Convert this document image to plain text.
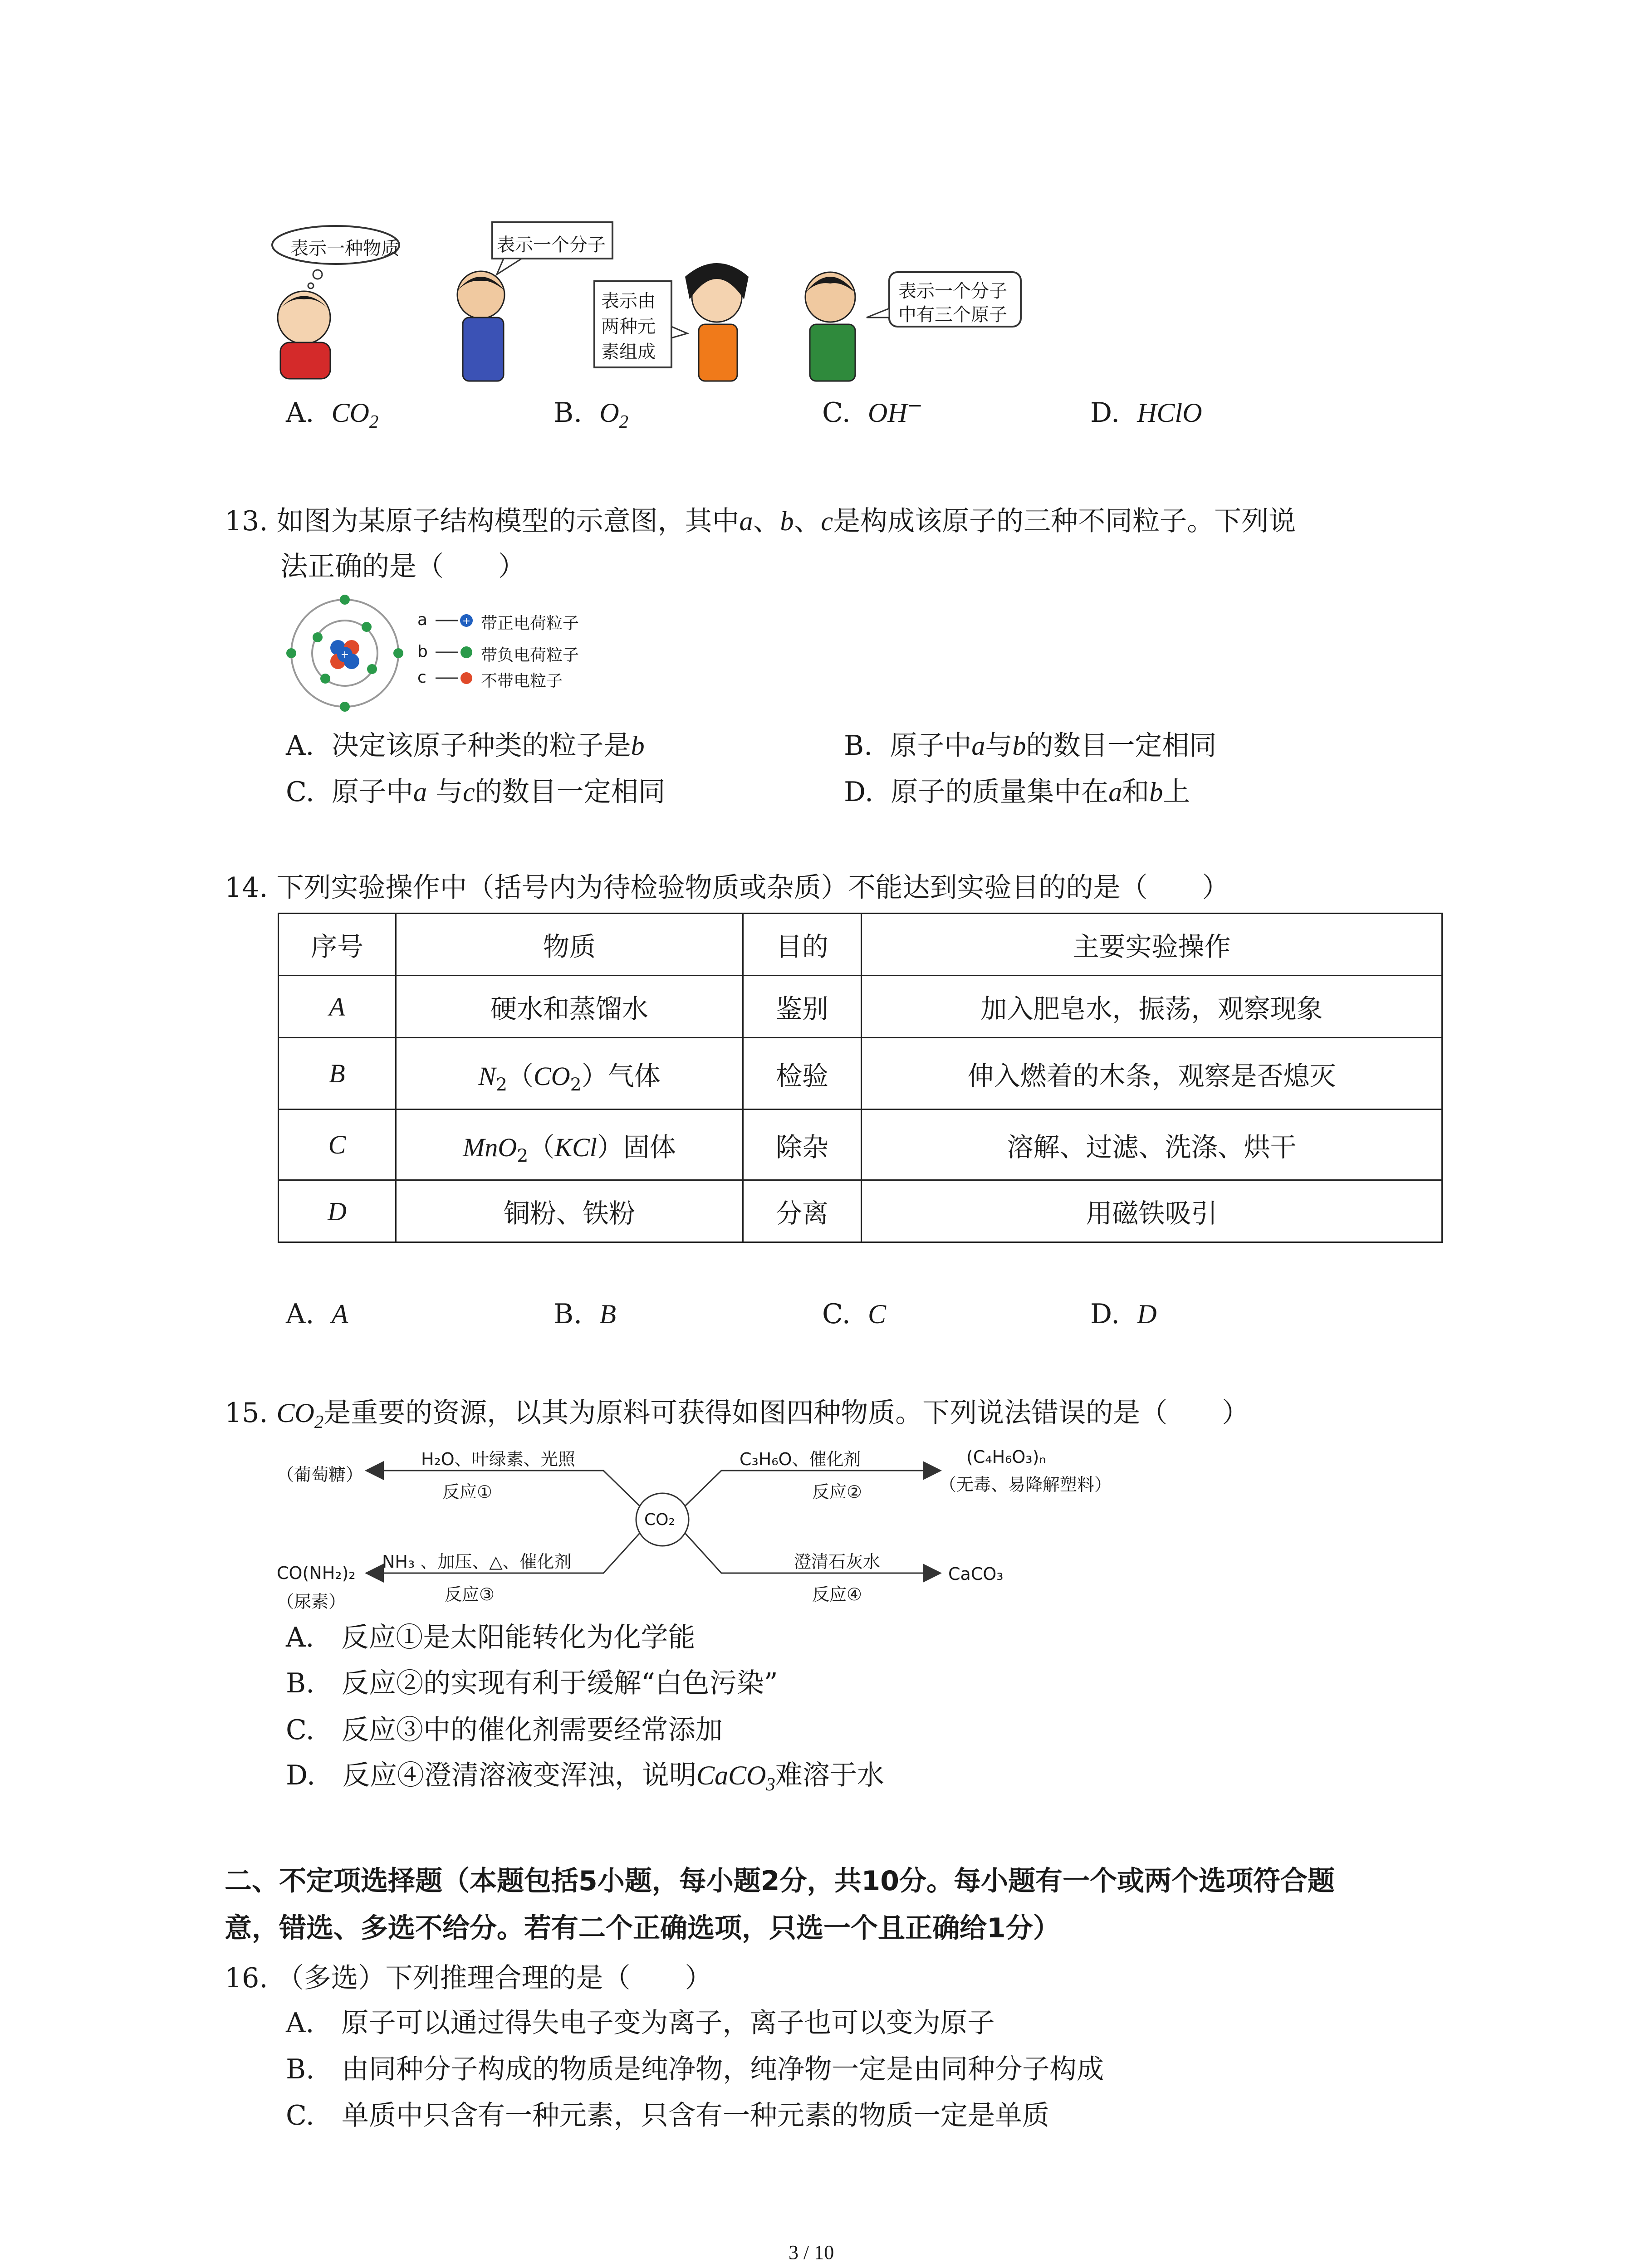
表示一种物质	表示一个分子
表示由
两种元
素组成
表示一个分子
中有三个原子
A. $CO_2$	B. $O_2$	C. OH−	D. HClO
13. 如图为某原子结构模型的示意图，其中a、b、c是构成该原子的三种不同粒子。下列说
法正确的是（　　）
+
+
a	带正电荷粒子
b	带负电荷粒子
c	不带电粒子
A. 决定该原子种类的粒子是b	B. 原子中a与b的数目一定相同
C. 原子中a 与c的数目一定相同	D. 原子的质量集中在a和b上
14. 下列实验操作中（括号内为待检验物质或杂质）不能达到实验目的的是（　　）
序号	物质	目的	主要实验操作
A	硬水和蒸馏水	鉴别	加入肥皂水，振荡，观察现象
B	$N_2(CO_2)$气体	检验	伸入燃着的木条，观察是否熄灭
C	MnO$_2$（KCl）固体	除杂	溶解、过滤、洗涤、烘干
D	铜粉、铁粉	分离	用磁铁吸引
A. A	B. B	C. C	D. D
15. $CO_2$是重要的资源，以其为原料可获得如图四种物质。下列说法错误的是（　　）
CO₂
H₂O、叶绿素、光照
反应①
（葡萄糖）
C₃H₆O、催化剂
反应②
(C₄H₆O₃)ₙ
（无毒、易降解塑料）
NH₃ 、加压、△、催化剂
反应③
CO(NH₂)₂
（尿素）
澄清石灰水
反应④
CaCO₃
A.　反应①是太阳能转化为化学能
B.　反应②的实现有利于缓解“白色污染”
C.　反应③中的催化剂需要经常添加
D.　反应④澄清溶液变浑浊，说明CaCO$_3$难溶于水
二、不定项选择题（本题包括5小题，每小题2分，共10分。每小题有一个或两个选项符合题
意，错选、多选不给分。若有二个正确选项，只选一个且正确给1分）
16. （多选）下列推理合理的是（　　）
A.　原子可以通过得失电子变为离子，离子也可以变为原子
B.　由同种分子构成的物质是纯净物，纯净物一定是由同种分子构成
C.　单质中只含有一种元素，只含有一种元素的物质一定是单质
3 / 10
